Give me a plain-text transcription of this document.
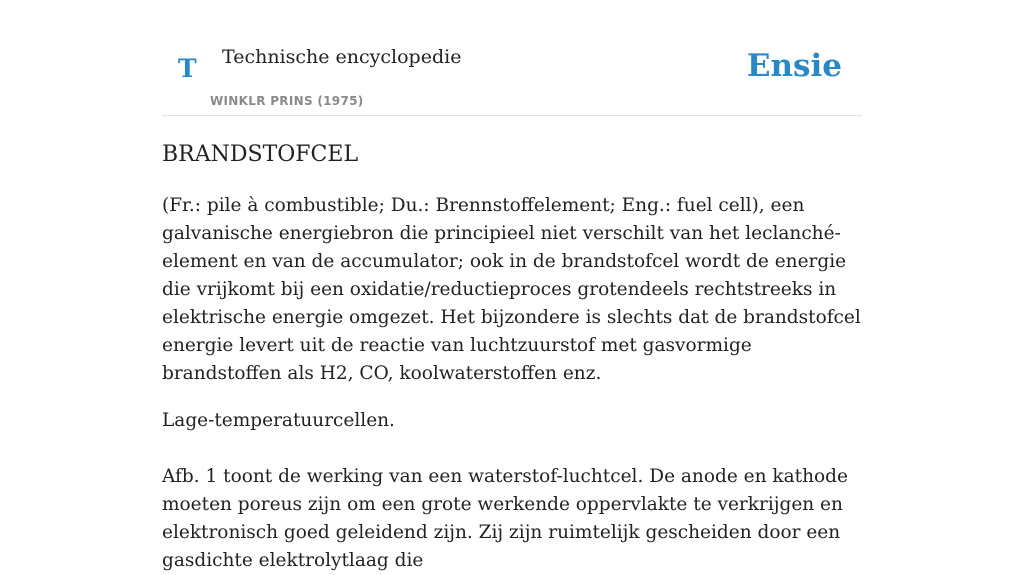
T Technische encyclopedie
WINKLR PRINS (1975)
Ensie
BRANDSTOFCEL

(Fr.: pile à combustible; Du.: Brennstoffelement; Eng.: fuel cell), een galvanische energiebron die principieel niet verschilt van het leclanché-element en van de accumulator; ook in de brandstofcel wordt de energie die vrijkomt bij een oxidatie/reductieproces grotendeels rechtstreeks in elektrische energie omgezet. Het bijzondere is slechts dat de brandstofcel energie levert uit de reactie van luchtzuurstof met gasvormige brandstoffen als H2, CO, koolwaterstoffen enz.

Lage-temperatuurcellen.

Afb. 1 toont de werking van een waterstof-luchtcel. De anode en kathode moeten poreus zijn om een grote werkende oppervlakte te verkrijgen en elektronisch goed geleidend zijn. Zij zijn ruimtelijk gescheiden door een gasdichte elektrolytlaag die
